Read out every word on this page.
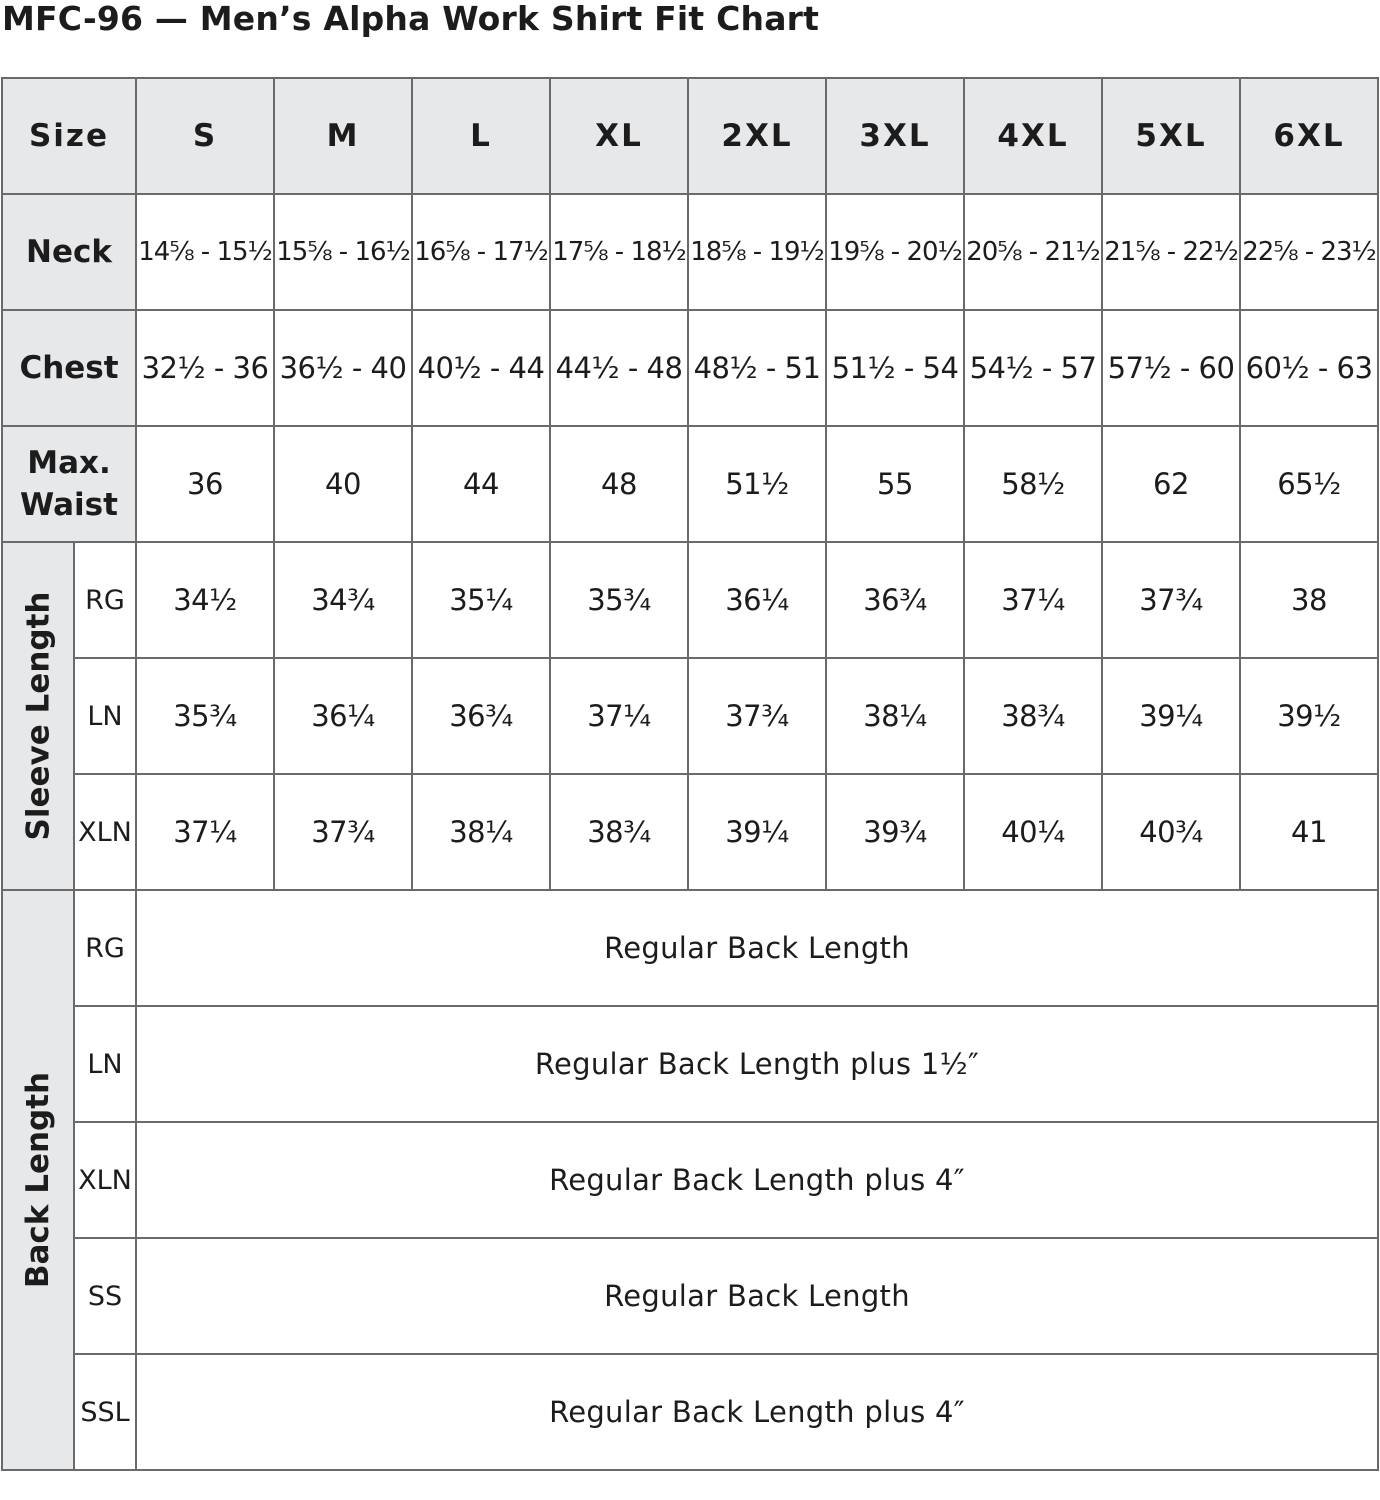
MFC-96 — Men’s Alpha Work Shirt Fit Chart
Size		S	M	L	XL	2XL	3XL	4XL	5XL	6XL
Neck		14⅝ - 15½	15⅝ - 16½	16⅝ - 17½	17⅝ - 18½	18⅝ - 19½	19⅝ - 20½	20⅝ - 21½	21⅝ - 22½	22⅝ - 23½
Chest		32½ - 36	36½ - 40	40½ - 44	44½ - 48	48½ - 51	51½ - 54	54½ - 57	57½ - 60	60½ - 63

Max.
Waist		36	40	44	48	51½	55	58½	62	65½

Sleeve Length	RG	34½	34¾	35¼	35¾	36¼	36¾	37¼	37¾	38
	LN	35¾	36¼	36¾	37¼	37¾	38¼	38¾	39¼	39½
	XLN	37¼	37¾	38¼	38¾	39¼	39¾	40¼	40¾	41

Back Length	RG	Regular Back Length								
	LN	Regular Back Length plus 1½″								
	XLN	Regular Back Length plus 4″								
	SS	Regular Back Length								
	SSL	Regular Back Length plus 4″								
